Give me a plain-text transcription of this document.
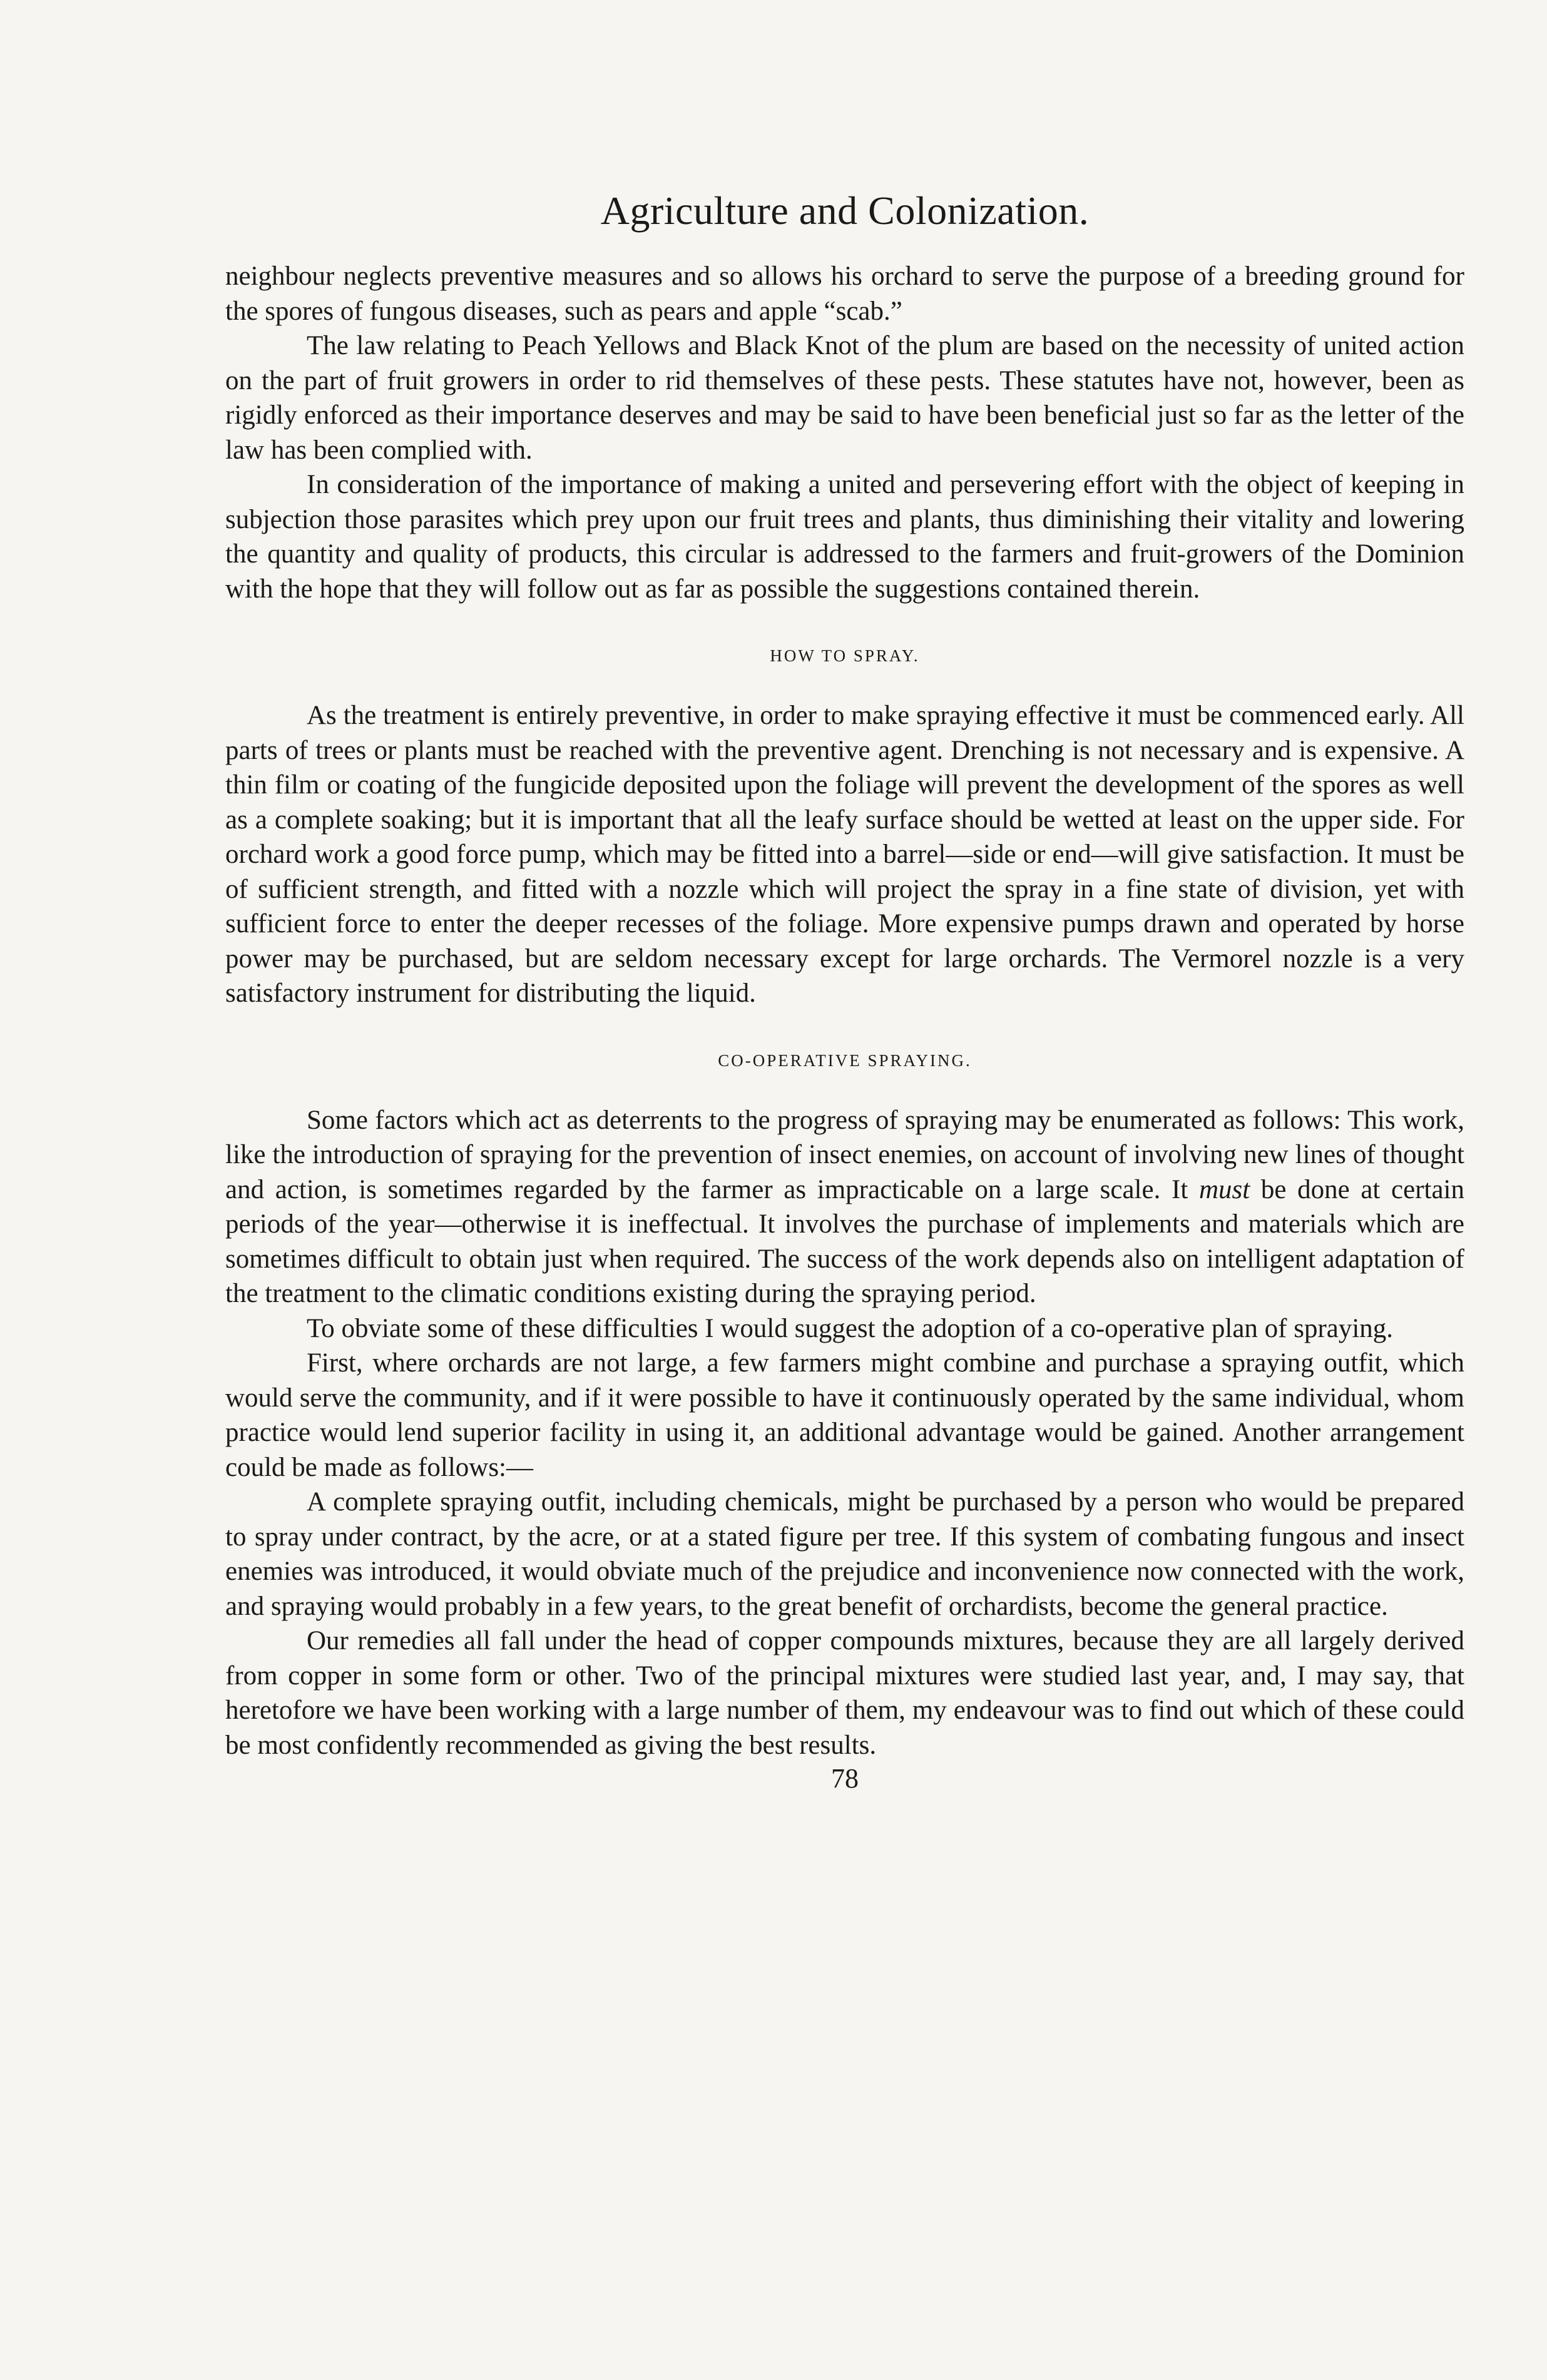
Agriculture and Colonization.

neighbour neglects preventive measures and so allows his orchard to serve the purpose of a breeding ground for the spores of fungous diseases, such as pears and apple “scab.”

The law relating to Peach Yellows and Black Knot of the plum are based on the necessity of united action on the part of fruit growers in order to rid themselves of these pests. These statutes have not, however, been as rigidly enforced as their importance deserves and may be said to have been beneficial just so far as the letter of the law has been complied with.

In consideration of the importance of making a united and persevering effort with the object of keeping in subjection those parasites which prey upon our fruit trees and plants, thus diminishing their vitality and lowering the quantity and quality of products, this circular is addressed to the farmers and fruit-growers of the Dominion with the hope that they will follow out as far as possible the suggestions contained therein.

HOW TO SPRAY.

As the treatment is entirely preventive, in order to make spraying effective it must be commenced early. All parts of trees or plants must be reached with the preventive agent. Drenching is not necessary and is expensive. A thin film or coating of the fungicide deposited upon the foliage will prevent the development of the spores as well as a complete soaking; but it is important that all the leafy surface should be wetted at least on the upper side. For orchard work a good force pump, which may be fitted into a barrel—side or end—will give satisfaction. It must be of sufficient strength, and fitted with a nozzle which will project the spray in a fine state of division, yet with sufficient force to enter the deeper recesses of the foliage. More expensive pumps drawn and operated by horse power may be purchased, but are seldom necessary except for large orchards. The Vermorel nozzle is a very satisfactory instrument for distributing the liquid.

CO-OPERATIVE SPRAYING.

Some factors which act as deterrents to the progress of spraying may be enumerated as follows: This work, like the introduction of spraying for the prevention of insect enemies, on account of involving new lines of thought and action, is sometimes regarded by the farmer as impracticable on a large scale. It must be done at certain periods of the year—otherwise it is ineffectual. It involves the purchase of implements and materials which are sometimes difficult to obtain just when required. The success of the work depends also on intelligent adaptation of the treatment to the climatic conditions existing during the spraying period.

To obviate some of these difficulties I would suggest the adoption of a co-operative plan of spraying.

First, where orchards are not large, a few farmers might combine and purchase a spraying outfit, which would serve the community, and if it were possible to have it continuously operated by the same individual, whom practice would lend superior facility in using it, an additional advantage would be gained. Another arrangement could be made as follows:—

A complete spraying outfit, including chemicals, might be purchased by a person who would be prepared to spray under contract, by the acre, or at a stated figure per tree. If this system of combating fungous and insect enemies was introduced, it would obviate much of the prejudice and inconvenience now connected with the work, and spraying would probably in a few years, to the great benefit of orchardists, become the general practice.

Our remedies all fall under the head of copper compounds mixtures, because they are all largely derived from copper in some form or other. Two of the principal mixtures were studied last year, and, I may say, that heretofore we have been working with a large number of them, my endeavour was to find out which of these could be most confidently recommended as giving the best results.

78
